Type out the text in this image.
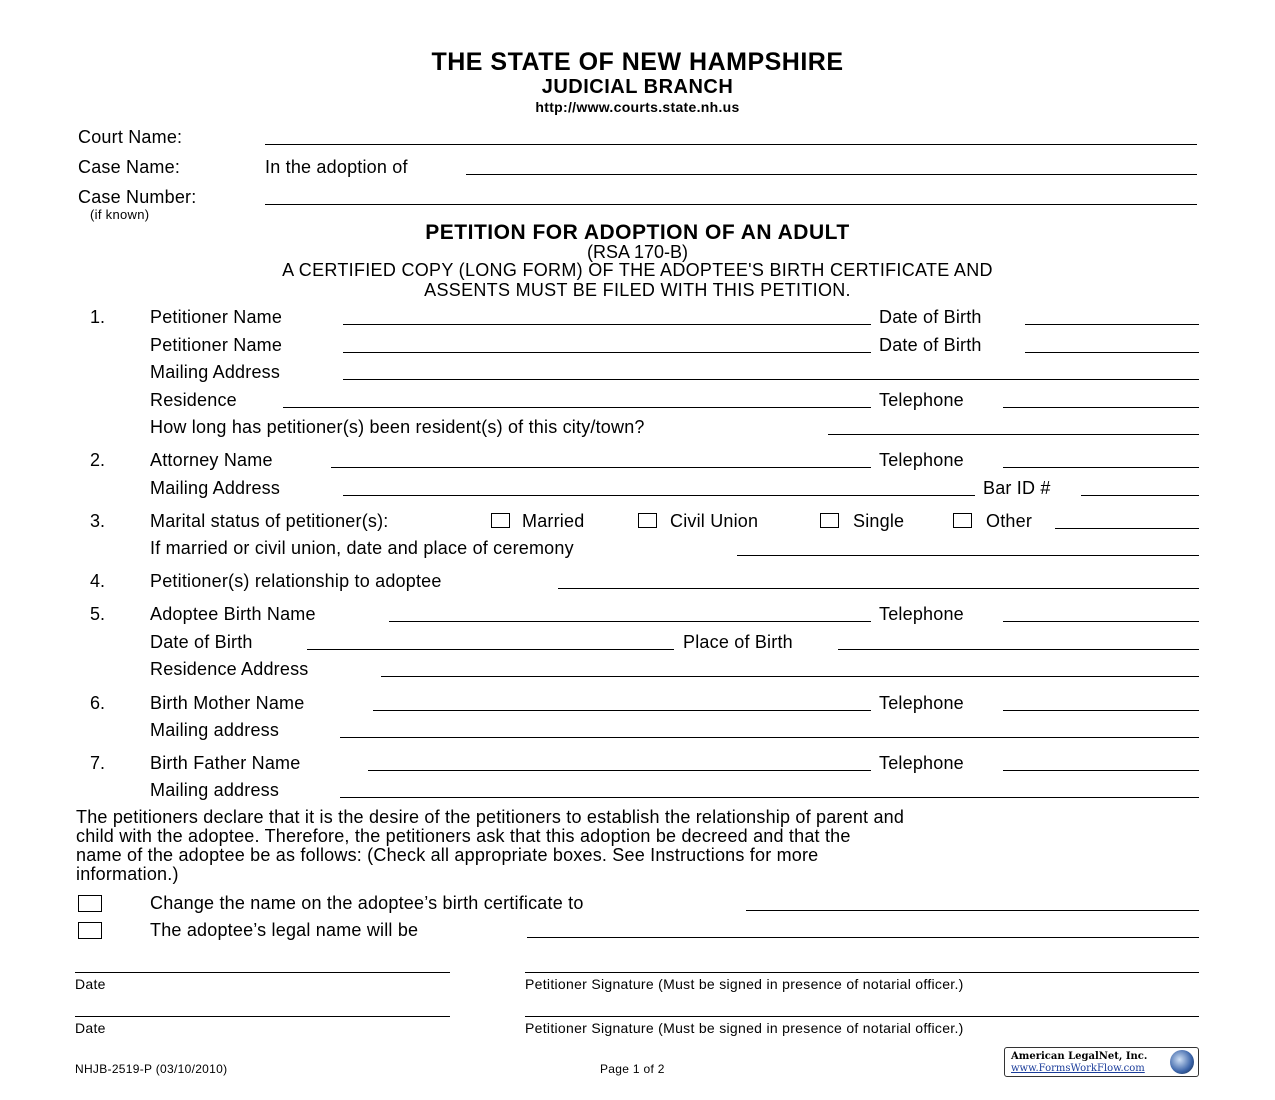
THE STATE OF NEW HAMPSHIRE
JUDICIAL BRANCH
http://www.courts.state.nh.us
Court Name:
Case Name:	In the adoption of
Case Number:
(if known)
PETITION FOR ADOPTION OF AN ADULT
(RSA 170-B)
A CERTIFIED COPY (LONG FORM) OF THE ADOPTEE'S BIRTH CERTIFICATE AND
ASSENTS MUST BE FILED WITH THIS PETITION.
1. Petitioner Name	Date of Birth
Petitioner Name	Date of Birth
Mailing Address
Residence	Telephone
How long has petitioner(s) been resident(s) of this city/town?
2. Attorney Name	Telephone
Mailing Address	Bar ID #
3. Marital status of petitioner(s):	Married	Civil Union	Single	Other
If married or civil union, date and place of ceremony
4. Petitioner(s) relationship to adoptee
5. Adoptee Birth Name	Telephone
Date of Birth	Place of Birth
Residence Address
6. Birth Mother Name	Telephone
Mailing address
7. Birth Father Name	Telephone
Mailing address
The petitioners declare that it is the desire of the petitioners to establish the relationship of parent and
child with the adoptee. Therefore, the petitioners ask that this adoption be decreed and that the
name of the adoptee be as follows: (Check all appropriate boxes. See Instructions for more
information.)
Change the name on the adoptee’s birth certificate to
The adoptee’s legal name will be
Date	Petitioner Signature (Must be signed in presence of notarial officer.)
Date	Petitioner Signature (Must be signed in presence of notarial officer.)
NHJB-2519-P (03/10/2010)	Page 1 of 2
American LegalNet, Inc.
www.FormsWorkFlow.com
